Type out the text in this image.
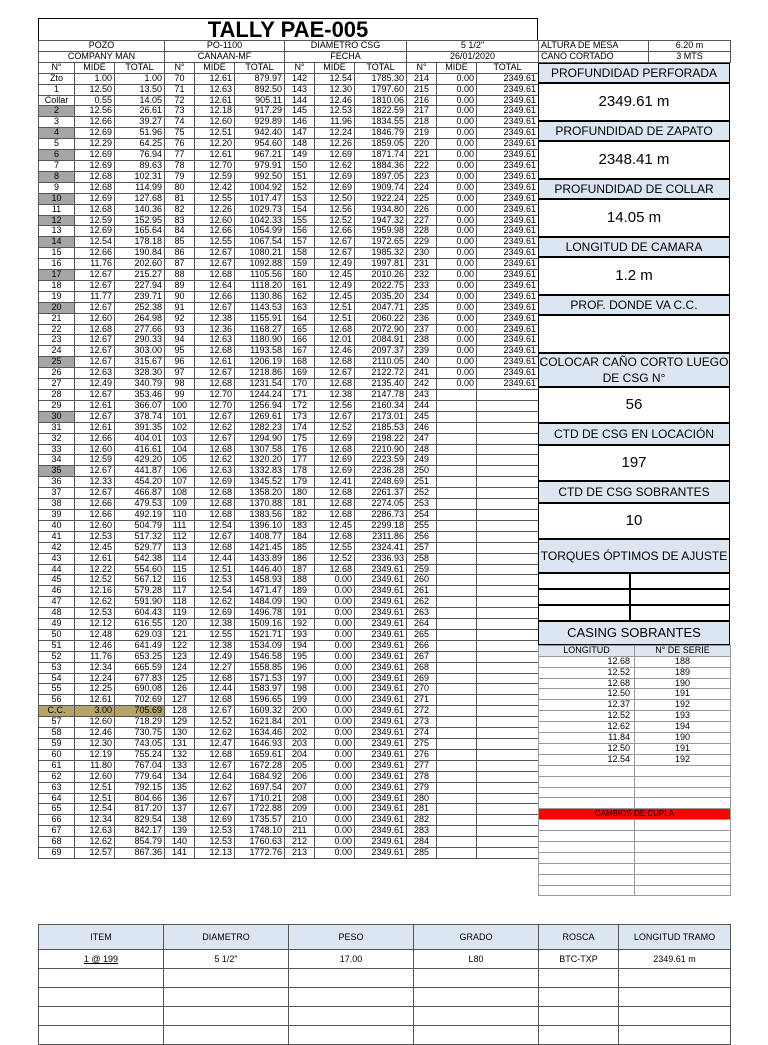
TALLY PAE-005
POZO			PO-1100			DIAMETRO CSG			5 1/2"		
COMPANY MAN			CANAAN-MF			FECHA			26/01/2020		
N°	MIDE	TOTAL	N°	MIDE	TOTAL	N°	MIDE	TOTAL	N°	MIDE	TOTAL
Zto	1.00	1.00	70	12.61	879.97	142	12.54	1785.30	214	0.00	2349.61
1	12.50	13.50	71	12.63	892.50	143	12.30	1797.60	215	0.00	2349.61
Collar	0.55	14.05	72	12.61	905.11	144	12.46	1810.06	216	0.00	2349.61
2	12.56	26.61	73	12.18	917.29	145	12.53	1822.59	217	0.00	2349.61
3	12.66	39.27	74	12.60	929.89	146	11.96	1834.55	218	0.00	2349.61
4	12.69	51.96	75	12.51	942.40	147	12.24	1846.79	219	0.00	2349.61
5	12.29	64.25	76	12.20	954.60	148	12.26	1859.05	220	0.00	2349.61
6	12.69	76.94	77	12.61	967.21	149	12.69	1871.74	221	0.00	2349.61
7	12.69	89.63	78	12.70	979.91	150	12.62	1884.36	222	0.00	2349.61
8	12.68	102.31	79	12.59	992.50	151	12.69	1897.05	223	0.00	2349.61
9	12.68	114.99	80	12.42	1004.92	152	12.69	1909.74	224	0.00	2349.61
10	12.69	127.68	81	12.55	1017.47	153	12.50	1922.24	225	0.00	2349.61
11	12.68	140.36	82	12.26	1029.73	154	12.56	1934.80	226	0.00	2349.61
12	12.59	152.95	83	12.60	1042.33	155	12.52	1947.32	227	0.00	2349.61
13	12.69	165.64	84	12.66	1054.99	156	12.66	1959.98	228	0.00	2349.61
14	12.54	178.18	85	12.55	1067.54	157	12.67	1972.65	229	0.00	2349.61
15	12.66	190.84	86	12.67	1080.21	158	12.67	1985.32	230	0.00	2349.61
16	11.76	202.60	87	12.67	1092.88	159	12.49	1997.81	231	0.00	2349.61
17	12.67	215.27	88	12.68	1105.56	160	12.45	2010.26	232	0.00	2349.61
18	12.67	227.94	89	12.64	1118.20	161	12.49	2022.75	233	0.00	2349.61
19	11.77	239.71	90	12.66	1130.86	162	12.45	2035.20	234	0.00	2349.61
20	12.67	252.38	91	12.67	1143.53	163	12.51	2047.71	235	0.00	2349.61
21	12.60	264.98	92	12.38	1155.91	164	12.51	2060.22	236	0.00	2349.61
22	12.68	277.66	93	12.36	1168.27	165	12.68	2072.90	237	0.00	2349.61
23	12.67	290.33	94	12.63	1180.90	166	12.01	2084.91	238	0.00	2349.61
24	12.67	303.00	95	12.68	1193.58	167	12.46	2097.37	239	0.00	2349.61
25	12.67	315.67	96	12.61	1206.19	168	12.68	2110.05	240	0.00	2349.61
26	12.63	328.30	97	12.67	1218.86	169	12.67	2122.72	241	0.00	2349.61
27	12.49	340.79	98	12.68	1231.54	170	12.68	2135.40	242	0.00	2349.61
28	12.67	353.46	99	12.70	1244.24	171	12.38	2147.78	243		
29	12.61	366.07	100	12.70	1256.94	172	12.56	2160.34	244		
30	12.67	378.74	101	12.67	1269.61	173	12.67	2173.01	245		
31	12.61	391.35	102	12.62	1282.23	174	12.52	2185.53	246		
32	12.66	404.01	103	12.67	1294.90	175	12.69	2198.22	247		
33	12.60	416.61	104	12.68	1307.58	176	12.68	2210.90	248		
34	12.59	429.20	105	12.62	1320.20	177	12.69	2223.59	249		
35	12.67	441.87	106	12.63	1332.83	178	12.69	2236.28	250		
36	12.33	454.20	107	12.69	1345.52	179	12.41	2248.69	251		
37	12.67	466.87	108	12.68	1358.20	180	12.68	2261.37	252		
38	12.66	479.53	109	12.68	1370.88	181	12.68	2274.05	253		
39	12.66	492.19	110	12.68	1383.56	182	12.68	2286.73	254		
40	12.60	504.79	111	12.54	1396.10	183	12.45	2299.18	255		
41	12.53	517.32	112	12.67	1408.77	184	12.68	2311.86	256		
42	12.45	529.77	113	12.68	1421.45	185	12.55	2324.41	257		
43	12.61	542.38	114	12.44	1433.89	186	12.52	2336.93	258		
44	12.22	554.60	115	12.51	1446.40	187	12.68	2349.61	259		
45	12.52	567.12	116	12.53	1458.93	188	0.00	2349.61	260		
46	12.16	579.28	117	12.54	1471.47	189	0.00	2349.61	261		
47	12.62	591.90	118	12.62	1484.09	190	0.00	2349.61	262		
48	12.53	604.43	119	12.69	1496.78	191	0.00	2349.61	263		
49	12.12	616.55	120	12.38	1509.16	192	0.00	2349.61	264		
50	12.48	629.03	121	12.55	1521.71	193	0.00	2349.61	265		
51	12.46	641.49	122	12.38	1534.09	194	0.00	2349.61	266		
52	11.76	653.25	123	12.49	1546.58	195	0.00	2349.61	267		
53	12.34	665.59	124	12.27	1558.85	196	0.00	2349.61	268		
54	12.24	677.83	125	12.68	1571.53	197	0.00	2349.61	269		
55	12.25	690.08	126	12.44	1583.97	198	0.00	2349.61	270		
56	12.61	702.69	127	12.68	1596.65	199	0.00	2349.61	271		
C.C.	3.00	705.69	128	12.67	1609.32	200	0.00	2349.61	272		
57	12.60	718.29	129	12.52	1621.84	201	0.00	2349.61	273		
58	12.46	730.75	130	12.62	1634.46	202	0.00	2349.61	274		
59	12.30	743.05	131	12.47	1646.93	203	0.00	2349.61	275		
60	12.19	755.24	132	12.68	1659.61	204	0.00	2349.61	276		
61	11.80	767.04	133	12.67	1672.28	205	0.00	2349.61	277		
62	12.60	779.64	134	12.64	1684.92	206	0.00	2349.61	278		
63	12.51	792.15	135	12.62	1697.54	207	0.00	2349.61	279		
64	12.51	804.66	136	12.67	1710.21	208	0.00	2349.61	280		
65	12.54	817.20	137	12.67	1722.88	209	0.00	2349.61	281		
66	12.34	829.54	138	12.69	1735.57	210	0.00	2349.61	282		
67	12.63	842.17	139	12.53	1748.10	211	0.00	2349.61	283		
68	12.62	854.79	140	12.53	1760.63	212	0.00	2349.61	284		
69	12.57	867.36	141	12.13	1772.76	213	0.00	2349.61	285		
ALTURA DE MESA	6.20 m
CANO CORTADO	3 MTS
PROFUNDIDAD PERFORADA
2349.61 m
PROFUNDIDAD DE ZAPATO
2348.41 m
PROFUNDIDAD DE COLLAR
14.05 m
LONGITUD DE CAMARA
1.2 m
PROF. DONDE VA C.C.
COLOCAR CAÑO CORTO LUEGO DE CSG N°
56
CTD DE CSG EN LOCACIÓN
197
CTD DE CSG SOBRANTES
10
TORQUES ÓPTIMOS DE AJUSTE
CASING SOBRANTES
LONGITUD	N° DE SERIE
12.68	188
12.52	189
12.68	190
12.50	191
12.37	192
12.52	193
12.62	194
11.84	190
12.50	191
12.54	192

CAMBIOS DE CUPLA	

ITEM	DIAMETRO	PESO	GRADO	ROSCA	LONGITUD TRAMO
1 @ 199	5 1/2"	17.00	L80	BTC-TXP	2349.61 m
